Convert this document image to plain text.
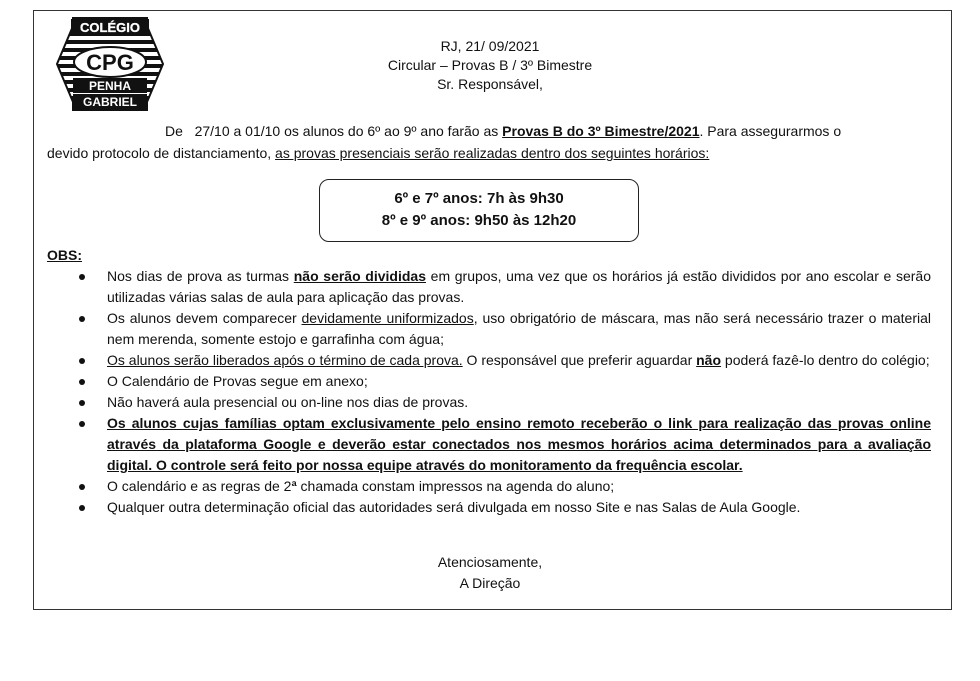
COLÉGIO
CPG
PENHA
GABRIEL
RJ, 21/ 09/2021
Circular – Provas B / 3º Bimestre
Sr. Responsável,
De 27/10 a 01/10 os alunos do 6º ao 9º ano farão as Provas B do 3º Bimestre/2021. Para assegurarmos o
devido protocolo de distanciamento, as provas presenciais serão realizadas dentro dos seguintes horários:
6º e 7º anos: 7h às 9h30
8º e 9º anos: 9h50 às 12h20
OBS:

Nos dias de prova as turmas não serão divididas em grupos, uma vez que os horários já estão divididos por ano escolar e serão utilizadas várias salas de aula para aplicação das provas.

Os alunos devem comparecer devidamente uniformizados, uso obrigatório de máscara, mas não será necessário trazer o material nem merenda, somente estojo e garrafinha com água;

Os alunos serão liberados após o término de cada prova. O responsável que preferir aguardar não poderá fazê-lo dentro do colégio;

O Calendário de Provas segue em anexo;

Não haverá aula presencial ou on-line nos dias de provas.

Os alunos cujas famílias optam exclusivamente pelo ensino remoto receberão o link para realização das provas online através da plataforma Google e deverão estar conectados nos mesmos horários acima determinados para a avaliação digital. O controle será feito por nossa equipe através do monitoramento da frequência escolar.

O calendário e as regras de 2ª chamada constam impressos na agenda do aluno;

Qualquer outra determinação oficial das autoridades será divulgada em nosso Site e nas Salas de Aula Google.

Atenciosamente,
A Direção
